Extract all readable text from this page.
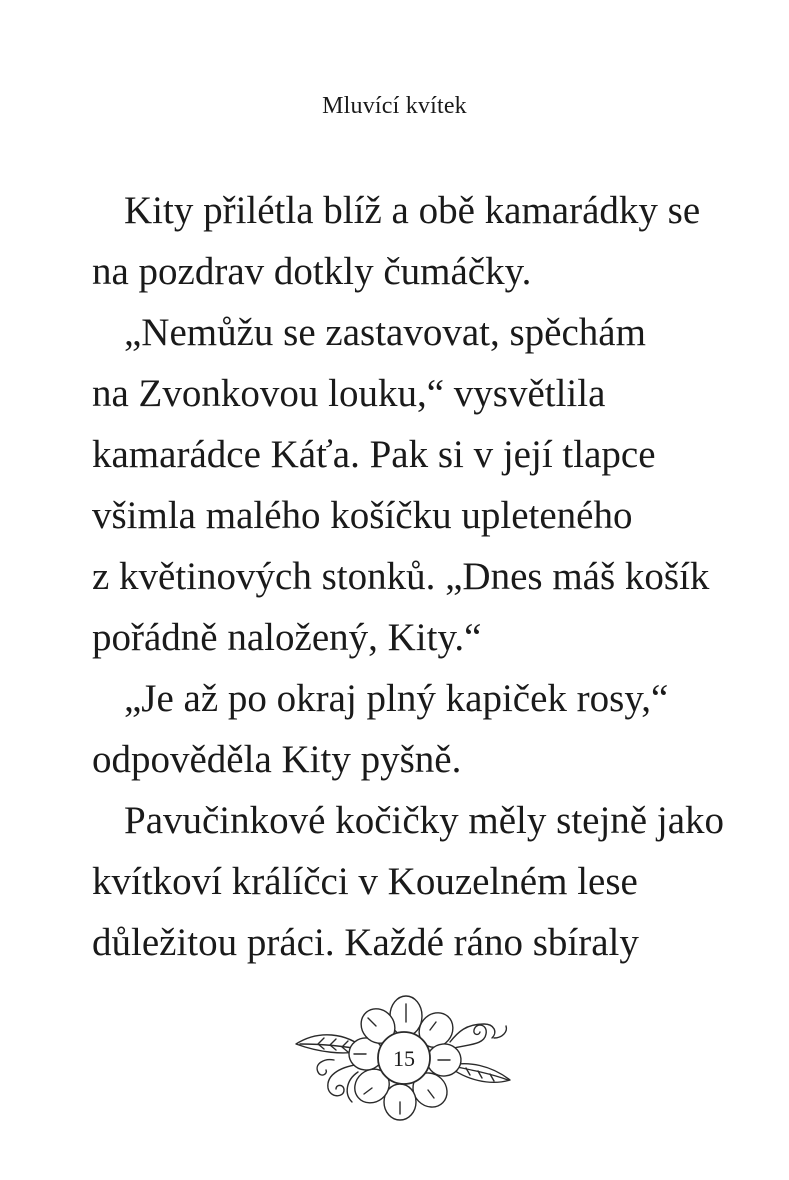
Mluvící kvítek
Kity přilétla blíž a obě kamarádky se
na pozdrav dotkly čumáčky.
„Nemůžu se zastavovat, spěchám
na Zvonkovou louku,“ vysvětlila
kamarádce Káťa. Pak si v její tlapce
všimla malého košíčku upleteného
z květinových stonků. „Dnes máš košík
pořádně naložený, Kity.“
„Je až po okraj plný kapiček rosy,“
odpověděla Kity pyšně.
Pavučinkové kočičky měly stejně jako
kvítkoví králíčci v Kouzelném lese
důležitou práci. Každé ráno sbíraly
15
